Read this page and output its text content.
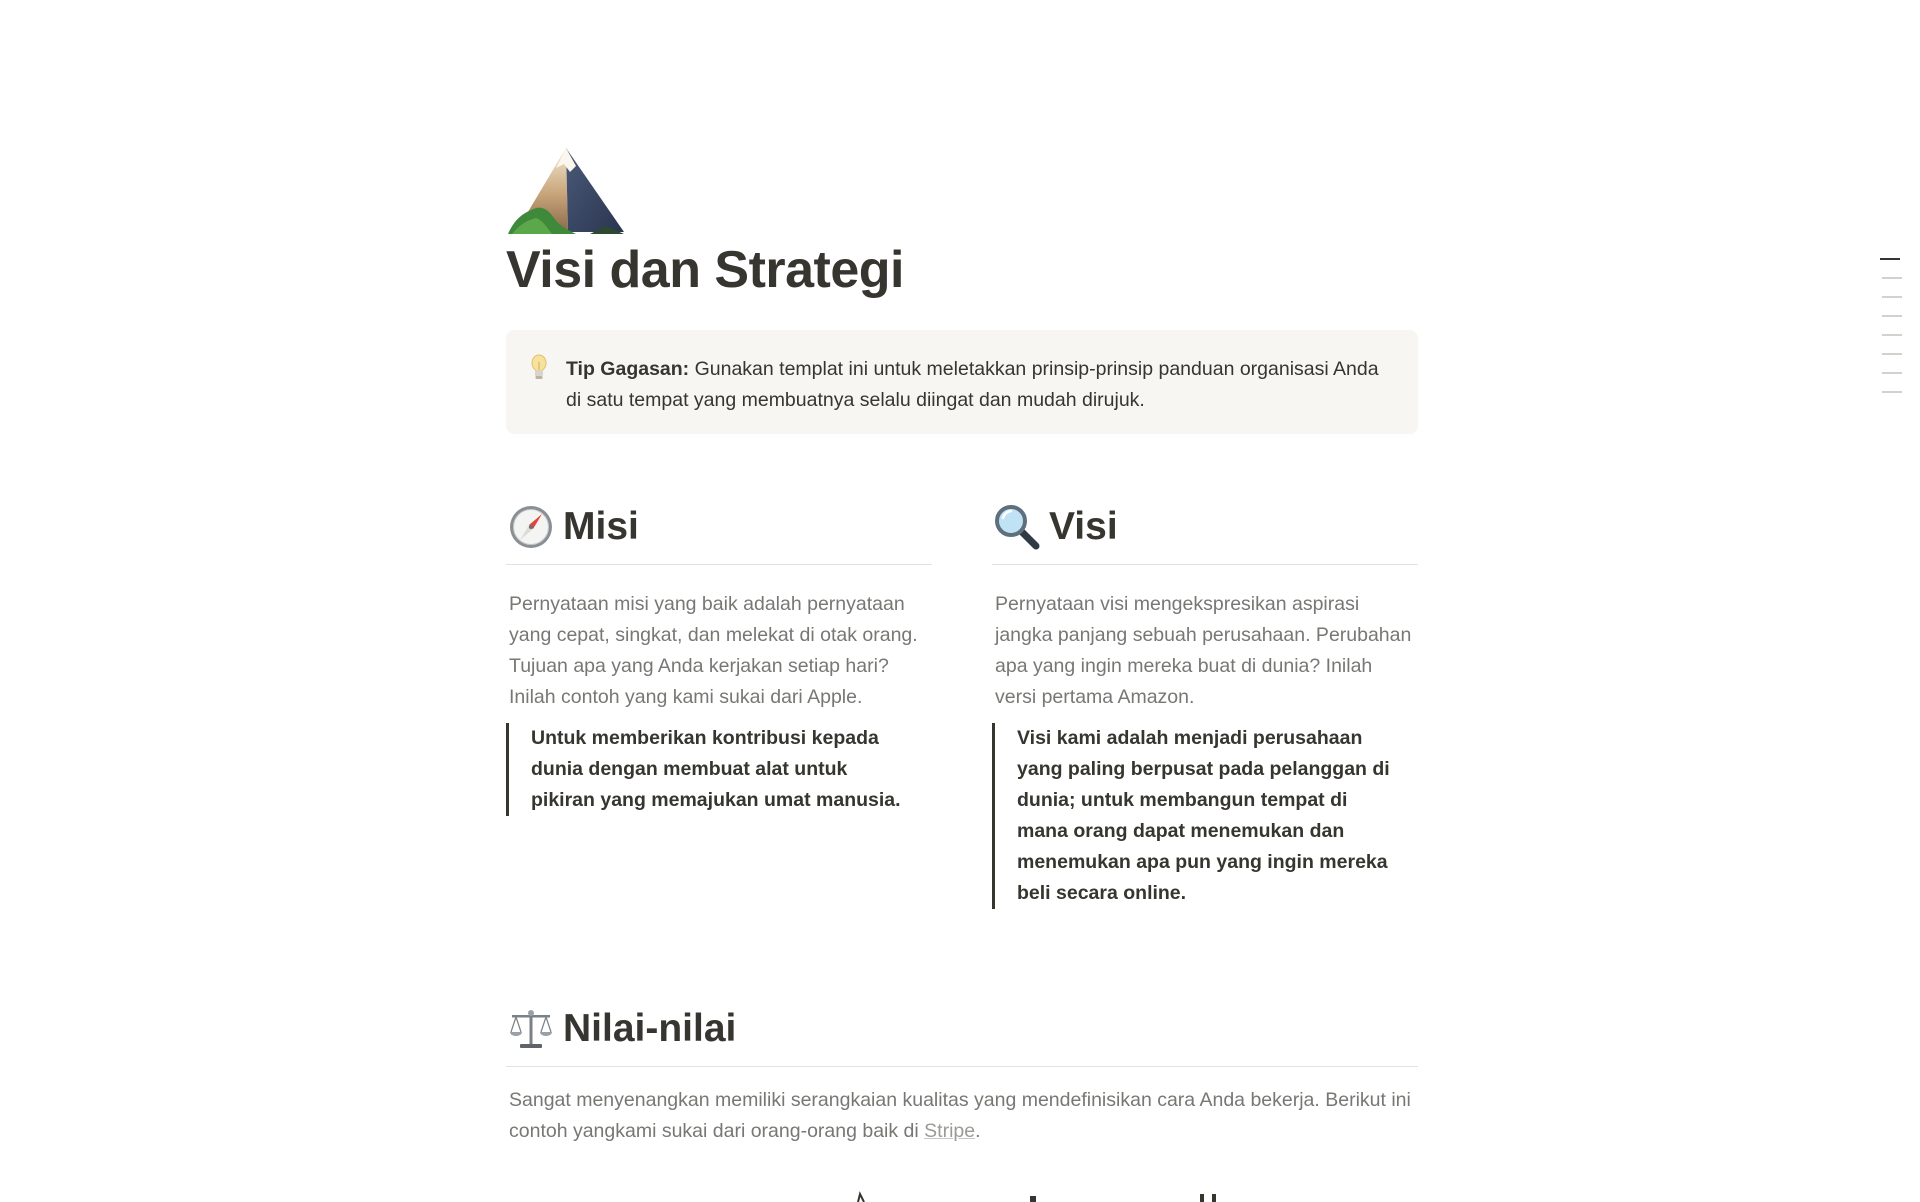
Visi dan Strategi
Tip Gagasan: Gunakan templat ini untuk meletakkan prinsip-prinsip panduan organisasi Anda di satu tempat yang membuatnya selalu diingat dan mudah dirujuk.
Misi

Pernyataan misi yang baik adalah pernyataan yang cepat, singkat, dan melekat di otak orang. Tujuan apa yang Anda kerjakan setiap hari? Inilah contoh yang kami sukai dari Apple.

Untuk memberikan kontribusi kepada dunia dengan membuat alat untuk pikiran yang memajukan umat manusia.
Visi

Pernyataan visi mengekspresikan aspirasi jangka panjang sebuah perusahaan. Perubahan apa yang ingin mereka buat di dunia? Inilah versi pertama Amazon.

Visi kami adalah menjadi perusahaan yang paling berpusat pada pelanggan di dunia; untuk membangun tempat di mana orang dapat menemukan dan menemukan apa pun yang ingin mereka beli secara online.
Nilai-nilai

Sangat menyenangkan memiliki serangkaian kualitas yang mendefinisikan cara Anda bekerja. Berikut ini contoh yangkami sukai dari orang-orang baik di Stripe.
